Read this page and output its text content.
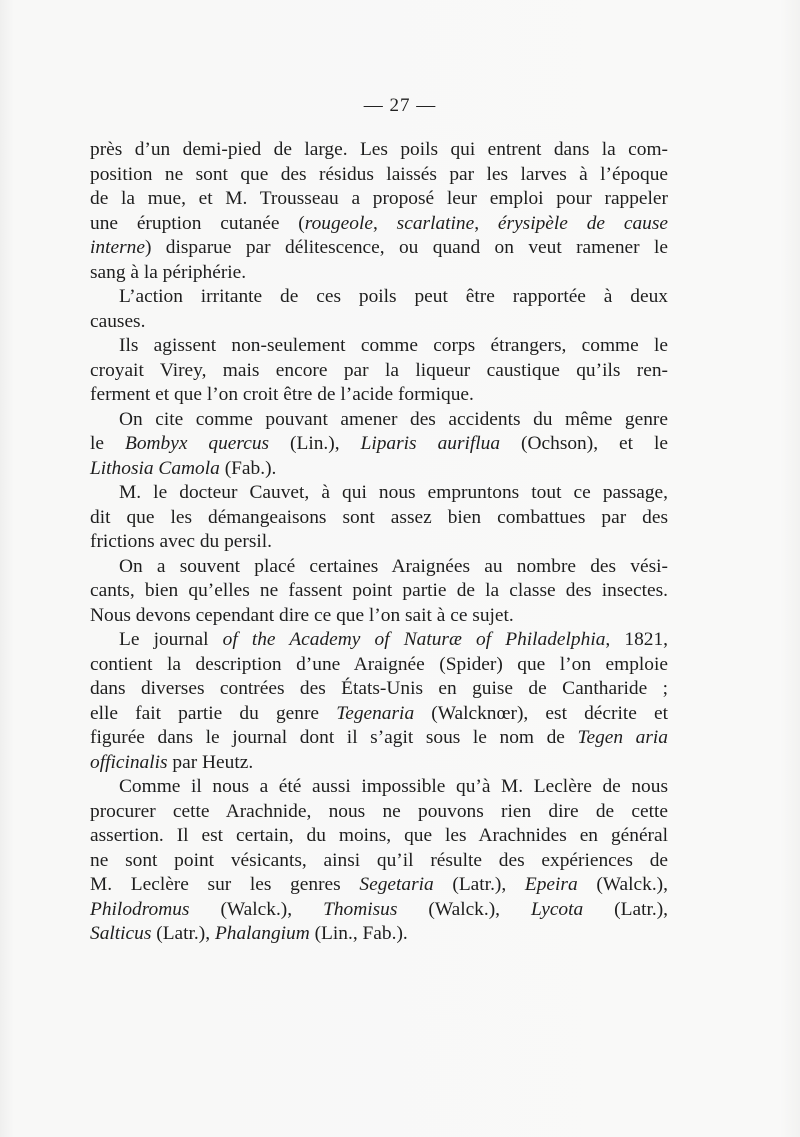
— 27 —
près d’un demi-pied de large. Les poils qui entrent dans la com-
position ne sont que des résidus laissés par les larves à l’époque
de la mue, et M. Trousseau a proposé leur emploi pour rappeler
une éruption cutanée (rougeole, scarlatine, érysipèle de cause
interne) disparue par délitescence, ou quand on veut ramener le
sang à la périphérie.
L’action irritante de ces poils peut être rapportée à deux
causes.
Ils agissent non-seulement comme corps étrangers, comme le
croyait Virey, mais encore par la liqueur caustique qu’ils ren-
ferment et que l’on croit être de l’acide formique.
On cite comme pouvant amener des accidents du même genre
le Bombyx quercus (Lin.), Liparis auriflua (Ochson), et le
Lithosia Camola (Fab.).
M. le docteur Cauvet, à qui nous empruntons tout ce passage,
dit que les démangeaisons sont assez bien combattues par des
frictions avec du persil.
On a souvent placé certaines Araignées au nombre des vési-
cants, bien qu’elles ne fassent point partie de la classe des insectes.
Nous devons cependant dire ce que l’on sait à ce sujet.
Le journal of the Academy of Naturæ of Philadelphia, 1821,
contient la description d’une Araignée (Spider) que l’on emploie
dans diverses contrées des États-Unis en guise de Cantharide ;
elle fait partie du genre Tegenaria (Walcknœr), est décrite et
figurée dans le journal dont il s’agit sous le nom de Tegen aria
officinalis par Heutz.
Comme il nous a été aussi impossible qu’à M. Leclère de nous
procurer cette Arachnide, nous ne pouvons rien dire de cette
assertion. Il est certain, du moins, que les Arachnides en général
ne sont point vésicants, ainsi qu’il résulte des expériences de
M. Leclère sur les genres Segetaria (Latr.), Epeira (Walck.),
Philodromus (Walck.), Thomisus (Walck.), Lycota (Latr.),
Salticus (Latr.), Phalangium (Lin., Fab.).
